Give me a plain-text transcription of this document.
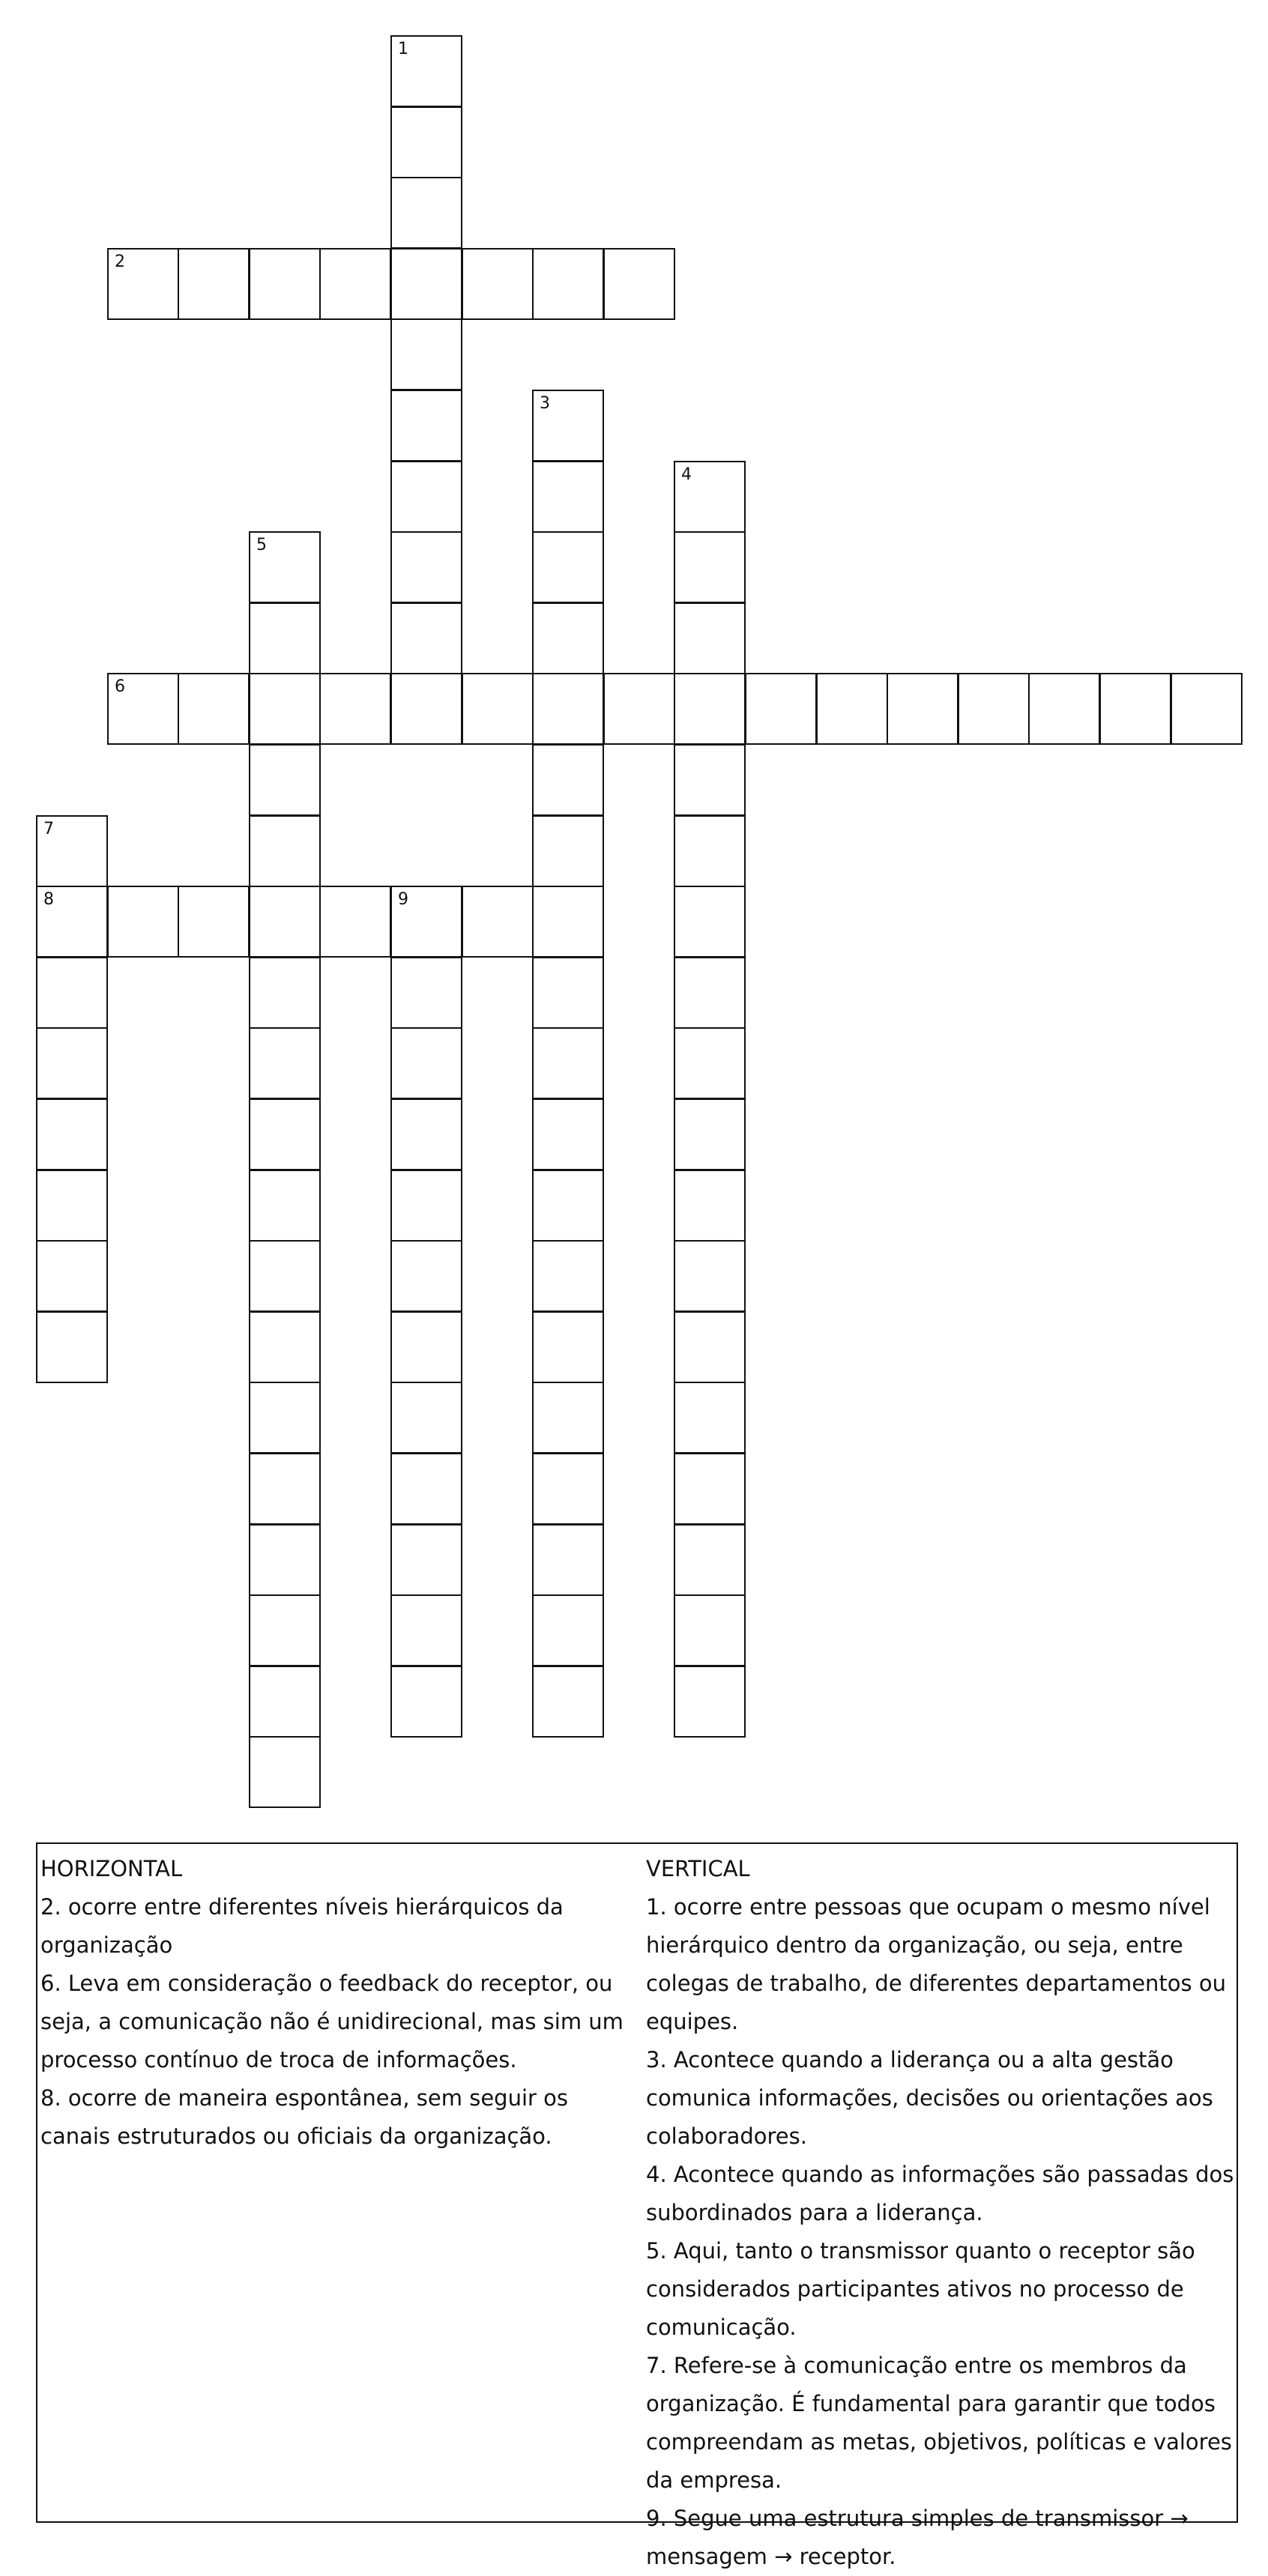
1
2
3
4
5
6
7
8	9
HORIZONTAL
2. ocorre entre diferentes níveis hierárquicos da organização
6. Leva em consideração o feedback do receptor, ou seja, a comunicação não é unidirecional, mas sim um processo contínuo de troca de informações.
8. ocorre de maneira espontânea, sem seguir os canais estruturados ou oficiais da organização.
VERTICAL
1. ocorre entre pessoas que ocupam o mesmo nível hierárquico dentro da organização, ou seja, entre colegas de trabalho, de diferentes departamentos ou equipes.
3. Acontece quando a liderança ou a alta gestão comunica informações, decisões ou orientações aos colaboradores.
4. Acontece quando as informações são passadas dos subordinados para a liderança.
5. Aqui, tanto o transmissor quanto o receptor são considerados participantes ativos no processo de comunicação.
7. Refere-se à comunicação entre os membros da organização. É fundamental para garantir que todos compreendam as metas, objetivos, políticas e valores da empresa.
9. Segue uma estrutura simples de transmissor → mensagem → receptor.
